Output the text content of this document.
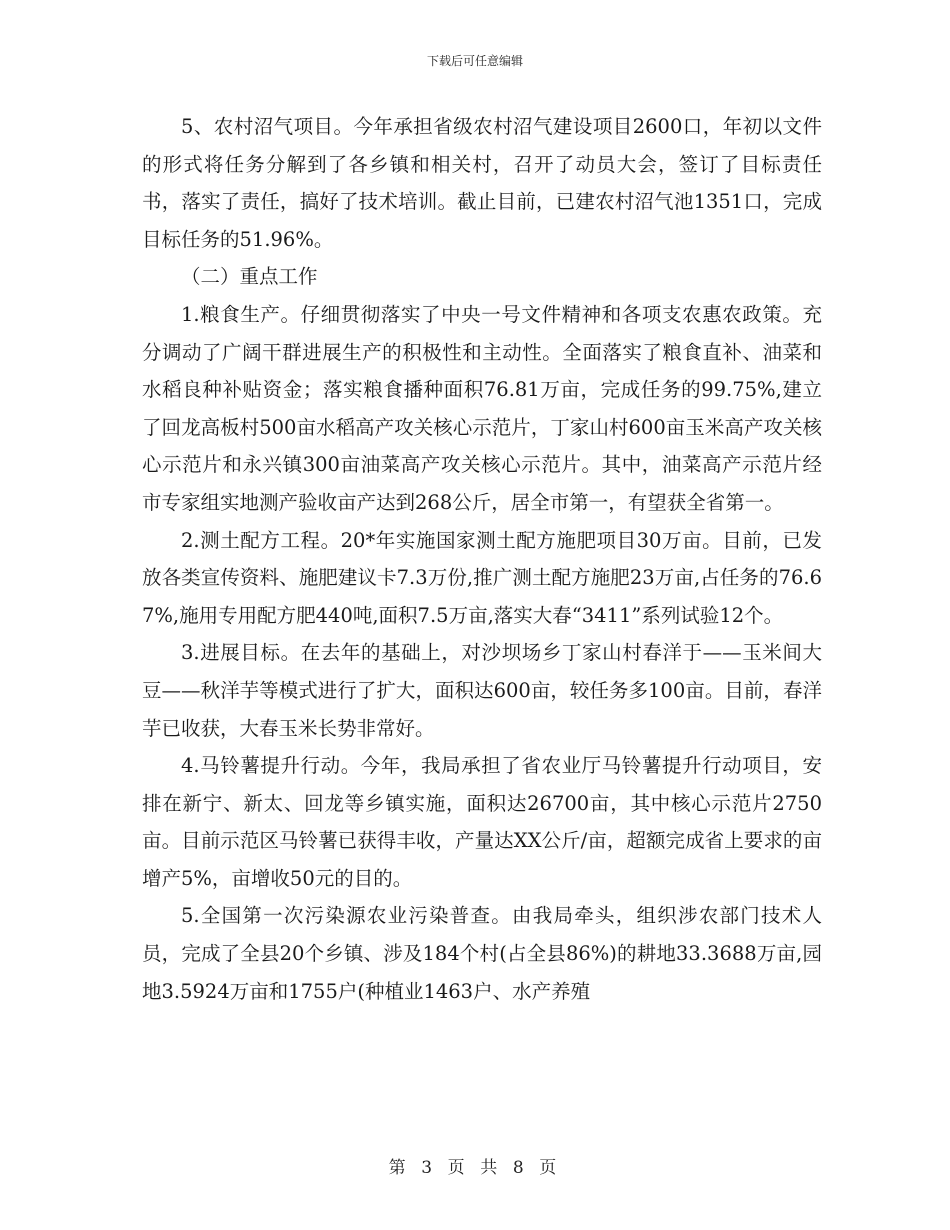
下载后可任意编辑

5、农村沼气项目。今年承担省级农村沼气建设项目2600口，年初以文件的形式将任务分解到了各乡镇和相关村，召开了动员大会，签订了目标责任书，落实了责任，搞好了技术培训。截止目前，已建农村沼气池1351口，完成目标任务的51.96%。

（二）重点工作

1.粮食生产。仔细贯彻落实了中央一号文件精神和各项支农惠农政策。充分调动了广阔干群进展生产的积极性和主动性。全面落实了粮食直补、油菜和水稻良种补贴资金；落实粮食播种面积76.81万亩，完成任务的99.75%,建立了回龙高板村500亩水稻高产攻关核心示范片，丁家山村600亩玉米高产攻关核心示范片和永兴镇300亩油菜高产攻关核心示范片。其中，油菜高产示范片经市专家组实地测产验收亩产达到268公斤，居全市第一，有望获全省第一。

2.测土配方工程。20*年实施国家测土配方施肥项目30万亩。目前，已发放各类宣传资料、施肥建议卡7.3万份,推广测土配方施肥23万亩,占任务的76.67%,施用专用配方肥440吨,面积7.5万亩,落实大春“3411”系列试验12个。

3.进展目标。在去年的基础上，对沙坝场乡丁家山村春洋于——玉米间大豆——秋洋芋等模式进行了扩大，面积达600亩，较任务多100亩。目前，春洋芋已收获，大春玉米长势非常好。

4.马铃薯提升行动。今年，我局承担了省农业厅马铃薯提升行动项目，安排在新宁、新太、回龙等乡镇实施，面积达26700亩，其中核心示范片2750亩。目前示范区马铃薯已获得丰收，产量达XX公斤/亩，超额完成省上要求的亩增产5%，亩增收50元的目的。

5.全国第一次污染源农业污染普查。由我局牵头，组织涉农部门技术人员，完成了全县20个乡镇、涉及184个村(占全县86%)的耕地33.3688万亩,园地3.5924万亩和1755户(种植业1463户、水产养殖

第 3 页 共 8 页
